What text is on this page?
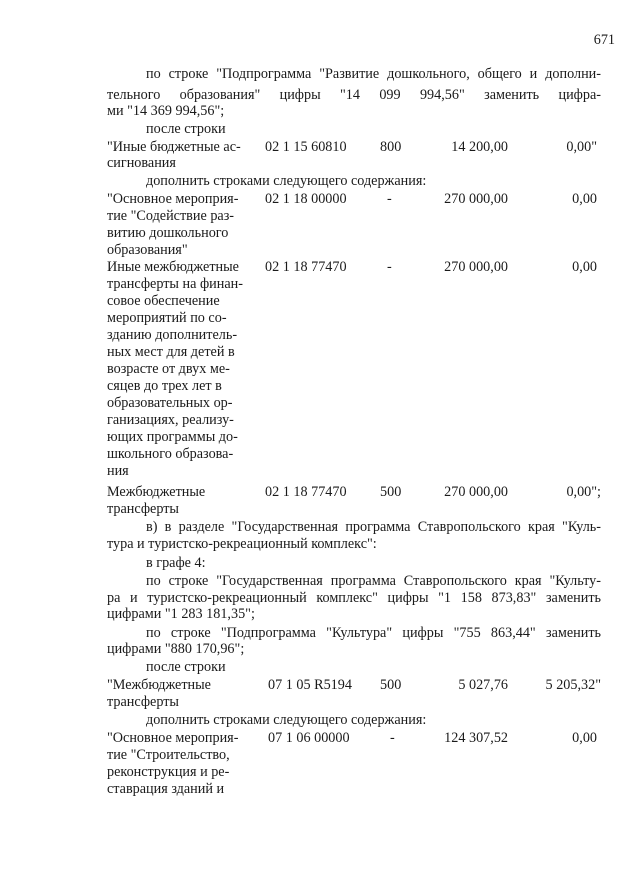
671
по строке "Подпрограмма "Развитие дошкольного, общего и дополни-
тельного образования" цифры "14 099 994,56" заменить цифра-
ми "14 369 994,56";
после строки
"Иные бюджетные ас-
сигнования
02 1 15 60810 800	14 200,00	0,00"
дополнить строками следующего содержания:
"Основное мероприя-
тие "Содействие раз-
витию дошкольного
образования"
02 1 18 00000	-	270 000,00	0,00
Иные межбюджетные
трансферты на финан-
совое обеспечение
мероприятий по со-
зданию дополнитель-
ных мест для детей в
возрасте от двух ме-
сяцев до трех лет в
образовательных ор-
ганизациях, реализу-
ющих программы до-
школьного образова-
ния
02 1 18 77470	-	270 000,00	0,00
Межбюджетные
трансферты
02 1 18 77470 500	270 000,00	0,00";
в) в разделе "Государственная программа Ставропольского края "Куль-
тура и туристско-рекреационный комплекс":
в графе 4:
по строке "Государственная программа Ставропольского края "Культу-
ра и туристско-рекреационный комплекс" цифры "1 158 873,83" заменить
цифрами "1 283 181,35";
по строке "Подпрограмма "Культура" цифры "755 863,44" заменить
цифрами "880 170,96";
после строки
"Межбюджетные
трансферты
07 1 05 R5194 500	5 027,76	5 205,32"
дополнить строками следующего содержания:
"Основное мероприя-
тие "Строительство,
реконструкция и ре-
ставрация зданий и
07 1 06 00000	-	124 307,52	0,00
